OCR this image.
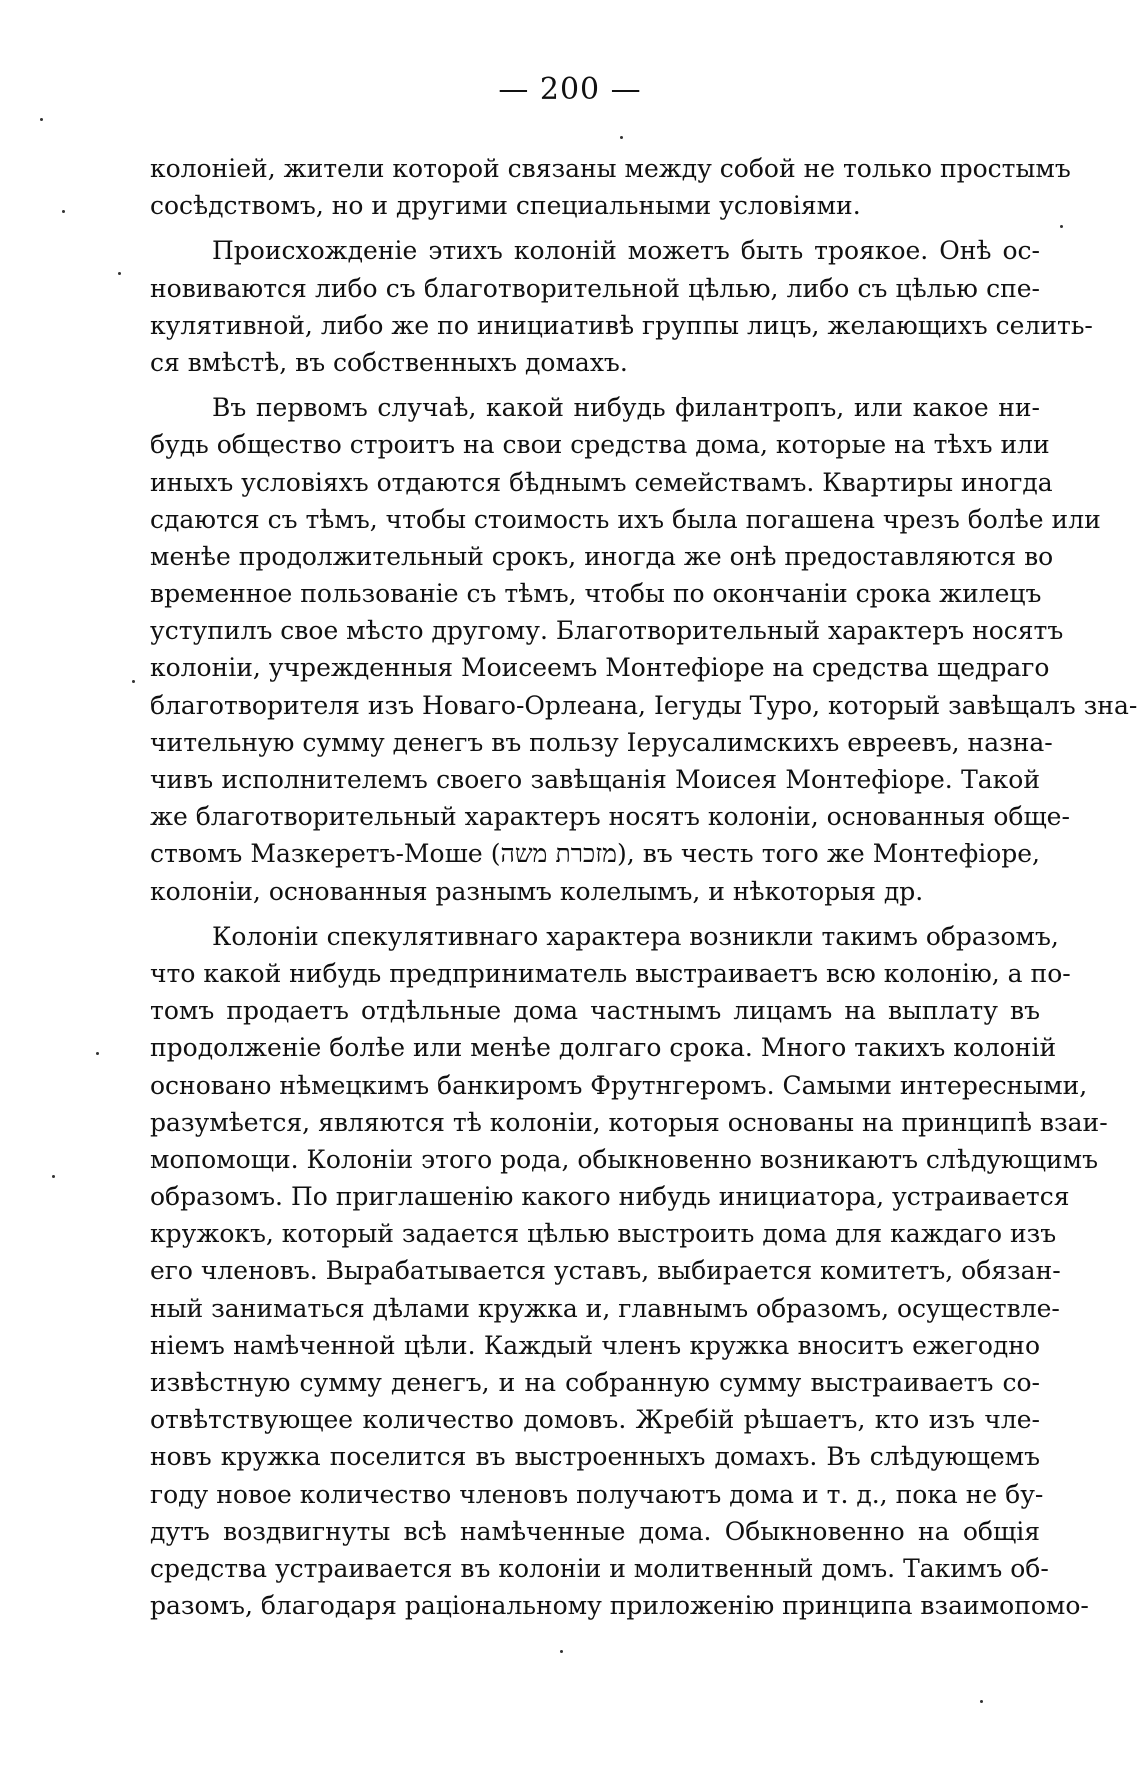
— 200 —
колоніей, жители которой связаны между собой не только простымъ
сосѣдствомъ, но и другими специальными условіями.
Происхожденіе этихъ колоній можетъ быть троякое. Онѣ ос-
новиваются либо съ благотворительной цѣлью, либо съ цѣлью спе-
кулятивной, либо же по инициативѣ группы лицъ, желающихъ селить-
ся вмѣстѣ, въ собственныхъ домахъ.
Въ первомъ случаѣ, какой нибудь филантропъ, или какое ни-
будь общество строитъ на свои средства дома, которые на тѣхъ или
иныхъ условіяхъ отдаются бѣднымъ семействамъ. Квартиры иногда
сдаются съ тѣмъ, чтобы стоимость ихъ была погашена чрезъ болѣе или
менѣе продолжительный срокъ, иногда же онѣ предоставляются во
временное пользованіе съ тѣмъ, чтобы по окончаніи срока жилецъ
уступилъ свое мѣсто другому. Благотворительный характеръ носятъ
колоніи, учрежденныя Моисеемъ Монтефіоре на средства щедраго
благотворителя изъ Новаго-Орлеана, Іегуды Туро, который завѣщалъ зна-
чительную сумму денегъ въ пользу Іерусалимскихъ евреевъ, назна-
чивъ исполнителемъ своего завѣщанія Моисея Монтефіоре. Такой
же благотворительный характеръ носятъ колоніи, основанныя обще-
ствомъ Мазкеретъ-Моше (מזכרת משה), въ честь того же Монтефіоре,
колоніи, основанныя разнымъ колелымъ, и нѣкоторыя др.
Колоніи спекулятивнаго характера возникли такимъ образомъ,
что какой нибудь предприниматель выстраиваетъ всю колонію, а по-
томъ продаетъ отдѣльные дома частнымъ лицамъ на выплату въ
продолженіе болѣе или менѣе долгаго срока. Много такихъ колоній
основано нѣмецкимъ банкиромъ Фрутнгеромъ. Самыми интересными,
разумѣется, являются тѣ колоніи, которыя основаны на принципѣ взаи-
мопомощи. Колоніи этого рода, обыкновенно возникаютъ слѣдующимъ
образомъ. По приглашенію какого нибудь инициатора, устраивается
кружокъ, который задается цѣлью выстроить дома для каждаго изъ
его членовъ. Вырабатывается уставъ, выбирается комитетъ, обязан-
ный заниматься дѣлами кружка и, главнымъ образомъ, осуществле-
ніемъ намѣченной цѣли. Каждый членъ кружка вноситъ ежегодно
извѣстную сумму денегъ, и на собранную сумму выстраиваетъ со-
отвѣтствующее количество домовъ. Жребій рѣшаетъ, кто изъ чле-
новъ кружка поселится въ выстроенныхъ домахъ. Въ слѣдующемъ
году новое количество членовъ получаютъ дома и т. д., пока не бу-
дутъ воздвигнуты всѣ намѣченные дома. Обыкновенно на общія
средства устраивается въ колоніи и молитвенный домъ. Такимъ об-
разомъ, благодаря раціональному приложенію принципа взаимопомо-
